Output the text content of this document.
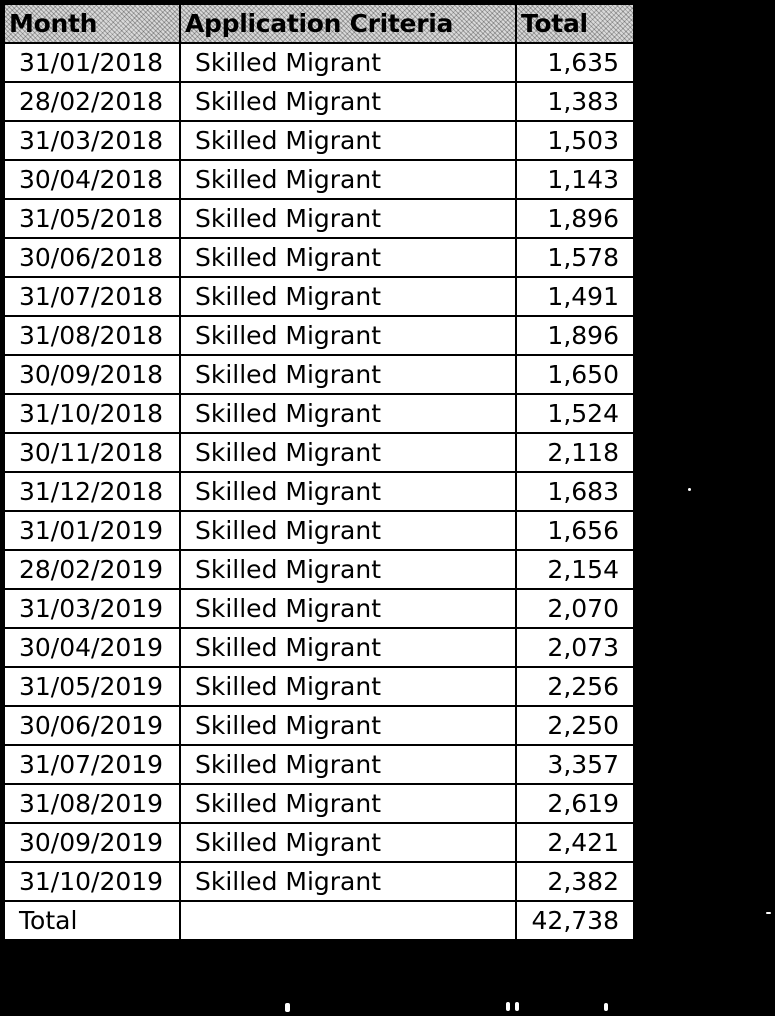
Month	Application Criteria	Total
31/01/2018	Skilled Migrant	1,635
28/02/2018	Skilled Migrant	1,383
31/03/2018	Skilled Migrant	1,503
30/04/2018	Skilled Migrant	1,143
31/05/2018	Skilled Migrant	1,896
30/06/2018	Skilled Migrant	1,578
31/07/2018	Skilled Migrant	1,491
31/08/2018	Skilled Migrant	1,896
30/09/2018	Skilled Migrant	1,650
31/10/2018	Skilled Migrant	1,524
30/11/2018	Skilled Migrant	2,118
31/12/2018	Skilled Migrant	1,683
31/01/2019	Skilled Migrant	1,656
28/02/2019	Skilled Migrant	2,154
31/03/2019	Skilled Migrant	2,070
30/04/2019	Skilled Migrant	2,073
31/05/2019	Skilled Migrant	2,256
30/06/2019	Skilled Migrant	2,250
31/07/2019	Skilled Migrant	3,357
31/08/2019	Skilled Migrant	2,619
30/09/2019	Skilled Migrant	2,421
31/10/2019	Skilled Migrant	2,382
Total		42,738
